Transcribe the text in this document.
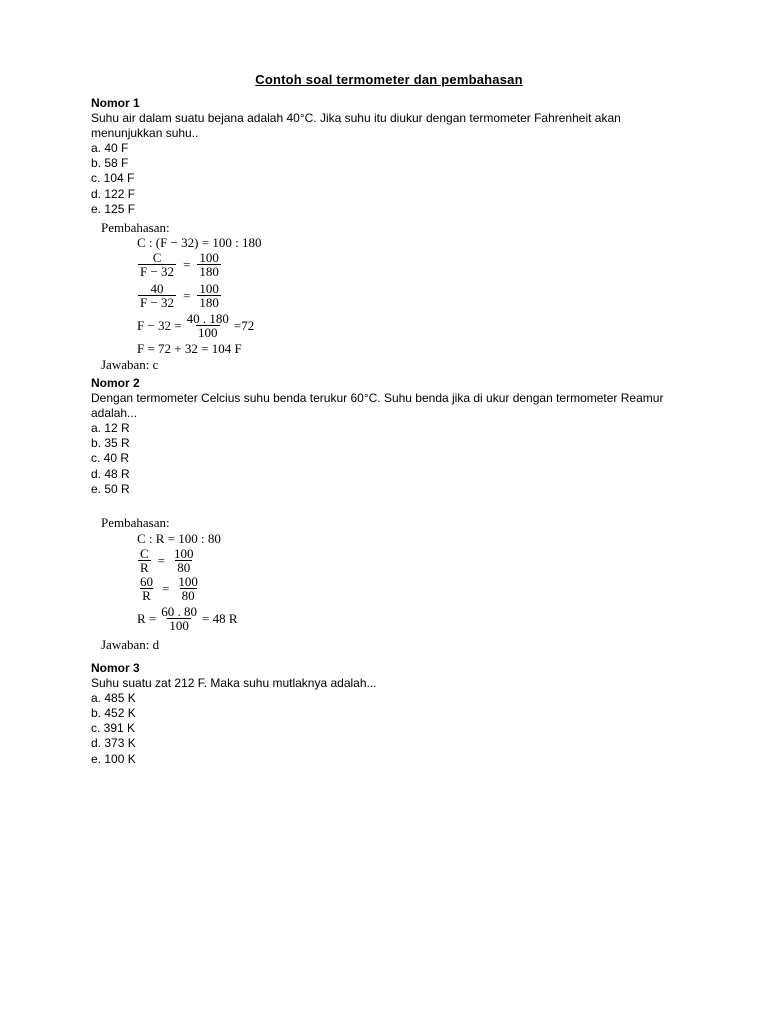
Contoh soal termometer dan pembahasan
Nomor 1
Suhu air dalam suatu bejana adalah 40°C. Jika suhu itu diukur dengan termometer Fahrenheit akan menunjukkan suhu..
a. 40 F
b. 58 F
c. 104 F
d. 122 F
e. 125 F
Pembahasan:
C : (F − 32) = 100 : 180
$\frac{C}{F - 32} = \frac{100}{180}$
$\frac{40}{F - 32} = \frac{100}{180}$
$F - 32 = \frac{40 . 180}{100} =72$
F = 72 + 32 = 104 F
Jawaban: c
Nomor 2
Dengan termometer Celcius suhu benda terukur 60°C. Suhu benda jika di ukur dengan termometer Reamur adalah...
a. 12 R
b. 35 R
c. 40 R
d. 48 R
e. 50 R
Pembahasan:
C : R = 100 : 80
$\frac{C}{R} = \frac{100}{80}$
$\frac{60}{R} = \frac{100}{80}$
$R = \frac{60 . 80}{100} = 48$ R
Jawaban: d
Nomor 3
Suhu suatu zat 212 F. Maka suhu mutlaknya adalah...
a. 485 K
b. 452 K
c. 391 K
d. 373 K
e. 100 K
